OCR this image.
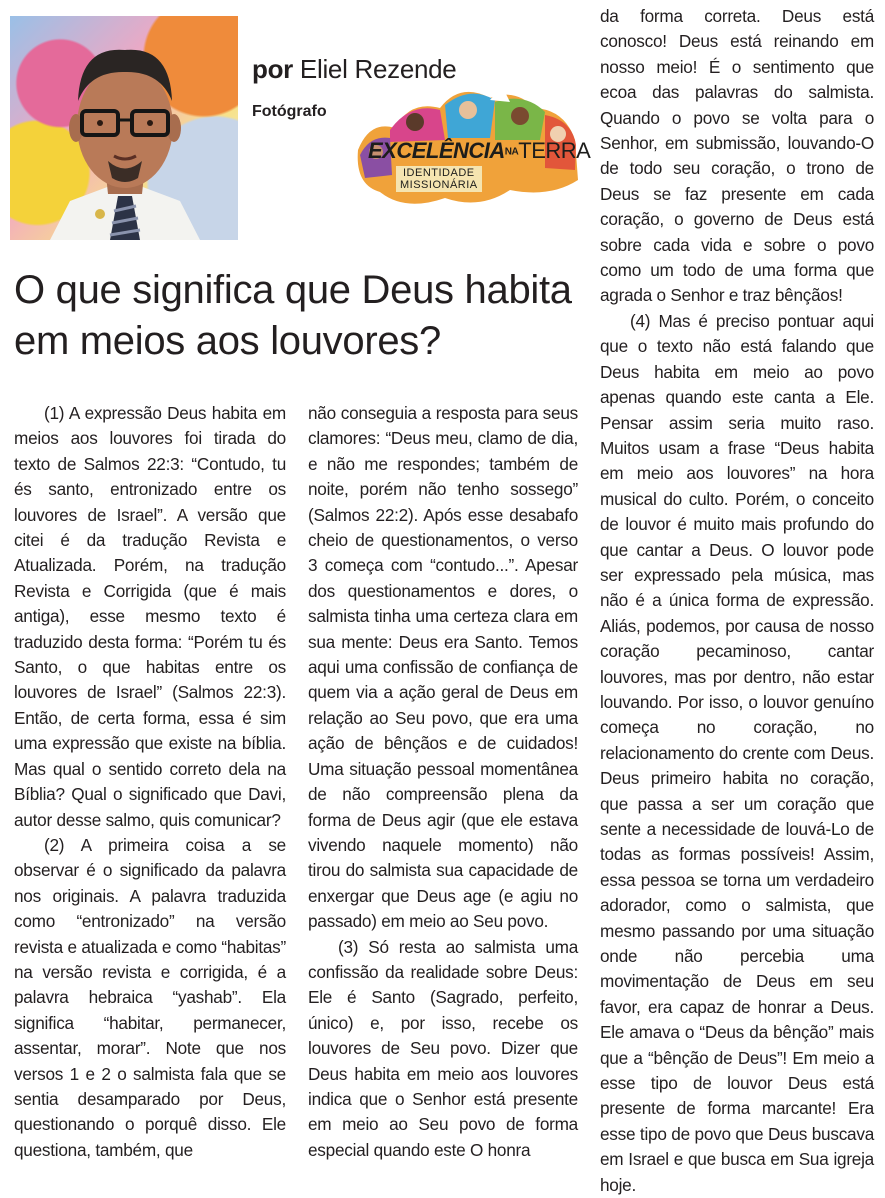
por Eliel Rezende
Fotógrafo
EXCELÊNCIANATERRA
IDENTIDADE
MISSIONÁRIA
O que significa que Deus habita em meios aos louvores?

(1) A expressão Deus habita em meios aos louvores foi tirada do texto de Salmos 22:3: “Contudo, tu és santo, entronizado entre os louvores de Israel”. A versão que citei é da tradução Revista e Atualizada. Porém, na tradução Revista e Corrigida (que é mais antiga), esse mesmo texto é traduzido desta forma: “Porém tu és Santo, o que habitas entre os louvores de Israel” (Salmos 22:3). Então, de certa forma, essa é sim uma expressão que existe na bíblia. Mas qual o sentido correto dela na Bíblia? Qual o significado que Davi, autor desse salmo, quis comunicar?

(2) A primeira coisa a se observar é o significado da palavra nos originais. A palavra traduzida como “entronizado” na versão revista e atualizada e como “habitas” na versão revista e corrigida, é a palavra hebraica “yashab”. Ela significa “habitar, permanecer, assentar, morar”. Note que nos versos 1 e 2 o salmista fala que se sentia desamparado por Deus, questionando o porquê disso. Ele questiona, também, que

não conseguia a resposta para seus clamores: “Deus meu, clamo de dia, e não me respondes; também de noite, porém não tenho sossego” (Salmos 22:2). Após esse desabafo cheio de questionamentos, o verso 3 começa com “contudo...”. Apesar dos questionamentos e dores, o salmista tinha uma certeza clara em sua mente: Deus era Santo. Temos aqui uma confissão de confiança de quem via a ação geral de Deus em relação ao Seu povo, que era uma ação de bênçãos e de cuidados! Uma situação pessoal momentânea de não compreensão plena da forma de Deus agir (que ele estava vivendo naquele momento) não tirou do salmista sua capacidade de enxergar que Deus age (e agiu no passado) em meio ao Seu povo.

(3) Só resta ao salmista uma confissão da realidade sobre Deus: Ele é Santo (Sagrado, perfeito, único) e, por isso, recebe os louvores de Seu povo. Dizer que Deus habita em meio aos louvores indica que o Senhor está presente em meio ao Seu povo de forma especial quando este O honra

da forma correta. Deus está conosco! Deus está reinando em nosso meio! É o sentimento que ecoa das palavras do salmista. Quando o povo se volta para o Senhor, em submissão, louvando-O de todo seu coração, o trono de Deus se faz presente em cada coração, o governo de Deus está sobre cada vida e sobre o povo como um todo de uma forma que agrada o Senhor e traz bênçãos!

(4) Mas é preciso pontuar aqui que o texto não está falando que Deus habita em meio ao povo apenas quando este canta a Ele. Pensar assim seria muito raso. Muitos usam a frase “Deus habita em meio aos louvores” na hora musical do culto. Porém, o conceito de louvor é muito mais profundo do que cantar a Deus. O louvor pode ser expressado pela música, mas não é a única forma de expressão. Aliás, podemos, por causa de nosso coração pecaminoso, cantar louvores, mas por dentro, não estar louvando. Por isso, o louvor genuíno começa no coração, no relacionamento do crente com Deus. Deus primeiro habita no coração, que passa a ser um coração que sente a necessidade de louvá-Lo de todas as formas possíveis! Assim, essa pessoa se torna um verdadeiro adorador, como o salmista, que mesmo passando por uma situação onde não percebia uma movimentação de Deus em seu favor, era capaz de honrar a Deus. Ele amava o “Deus da bênção” mais que a “bênção de Deus”! Em meio a esse tipo de louvor Deus está presente de forma marcante! Era esse tipo de povo que Deus buscava em Israel e que busca em Sua igreja hoje.
